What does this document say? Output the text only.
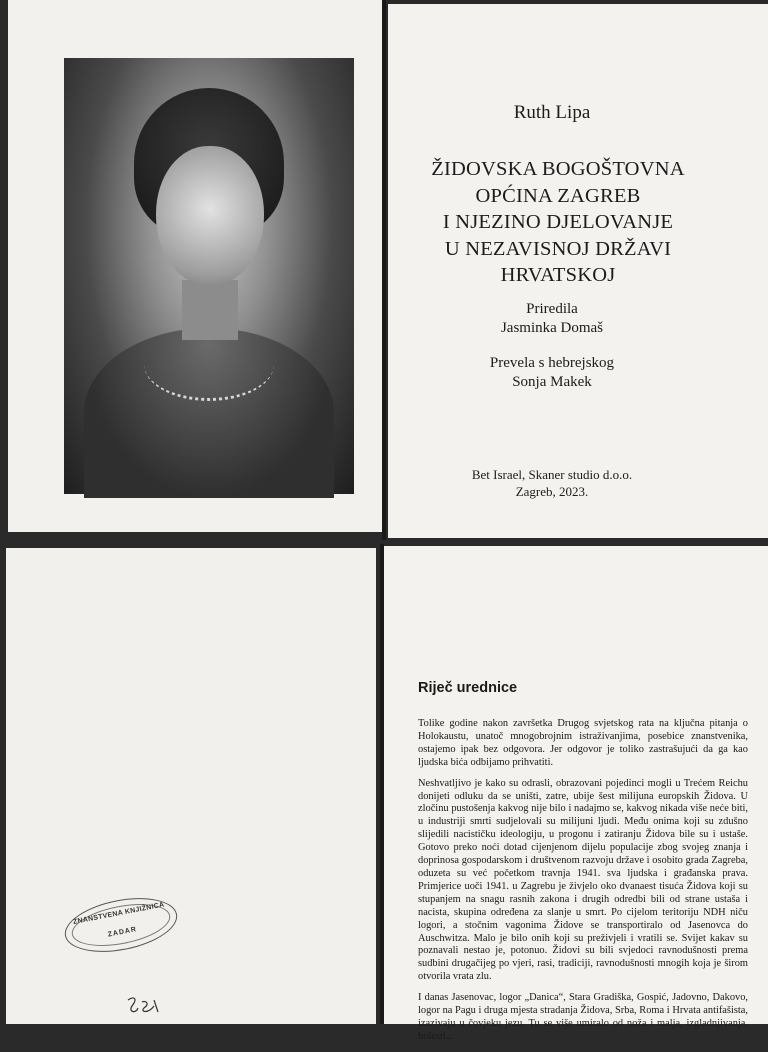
Ruth Lipa
ŽIDOVSKA BOGOŠTOVNA
OPĆINA ZAGREB
I NJEZINO DJELOVANJE
U NEZAVISNOJ DRŽAVI
HRVATSKOJ
Priredila
Jasminka Domaš
Prevela s hebrejskog
Sonja Makek
Bet Israel, Skaner studio d.o.o.
Zagreb, 2023.
ZNANSTVENA KNJIŽNICA
ZADAR
Riječ urednice

Tolike godine nakon završetka Drugog svjetskog rata na ključna pitanja o Holokaustu, unatoč mnogobrojnim istraživanjima, posebice znanstvenika, ostajemo ipak bez odgovora. Jer odgovor je toliko zastrašujući da ga kao ljudska bića odbijamo prihvatiti.

Neshvatljivo je kako su odrasli, obrazovani pojedinci mogli u Trećem Reichu donijeti odluku da se uništi, zatre, ubije šest milijuna europskih Židova. U zločinu pustošenja kakvog nije bilo i nadajmo se, kakvog nikada više neće biti, u industriji smrti sudjelovali su milijuni ljudi. Među onima koji su zdušno slijedili nacističku ideologiju, u progonu i zatiranju Židova bile su i ustaše. Gotovo preko noći dotad cijenjenom dijelu populacije zbog svojeg znanja i doprinosa gospodarskom i društvenom razvoju države i osobito grada Zagreba, oduzeta su već početkom travnja 1941. sva ljudska i građanska prava. Primjerice uoči 1941. u Zagrebu je živjelo oko dvanaest tisuća Židova koji su stupanjem na snagu rasnih zakona i drugih odredbi bili od strane ustaša i nacista, skupina određena za slanje u smrt. Po cijelom teritoriju NDH niču logori, a stočnim vagonima Židove se transportiralo od Jasenovca do Auschwitza. Malo je bilo onih koji su preživjeli i vratili se. Svijet kakav su poznavali nestao je, potonuo. Židovi su bili svjedoci ravnodušnosti prema sudbini drugačijeg po vjeri, rasi, tradiciji, ravnodušnosti mnogih koja je širom otvorila vrata zlu.

I danas Jasenovac, logor „Danica“, Stara Gradiška, Gospić, Jadovno, Dakovo, logor na Pagu i druga mjesta stradanja Židova, Srba, Roma i Hrvata antifašista, izazivaju u čovjeku jezu. Tu se više umiralo od noža i malja, izgladnjivanja, bolesti...
